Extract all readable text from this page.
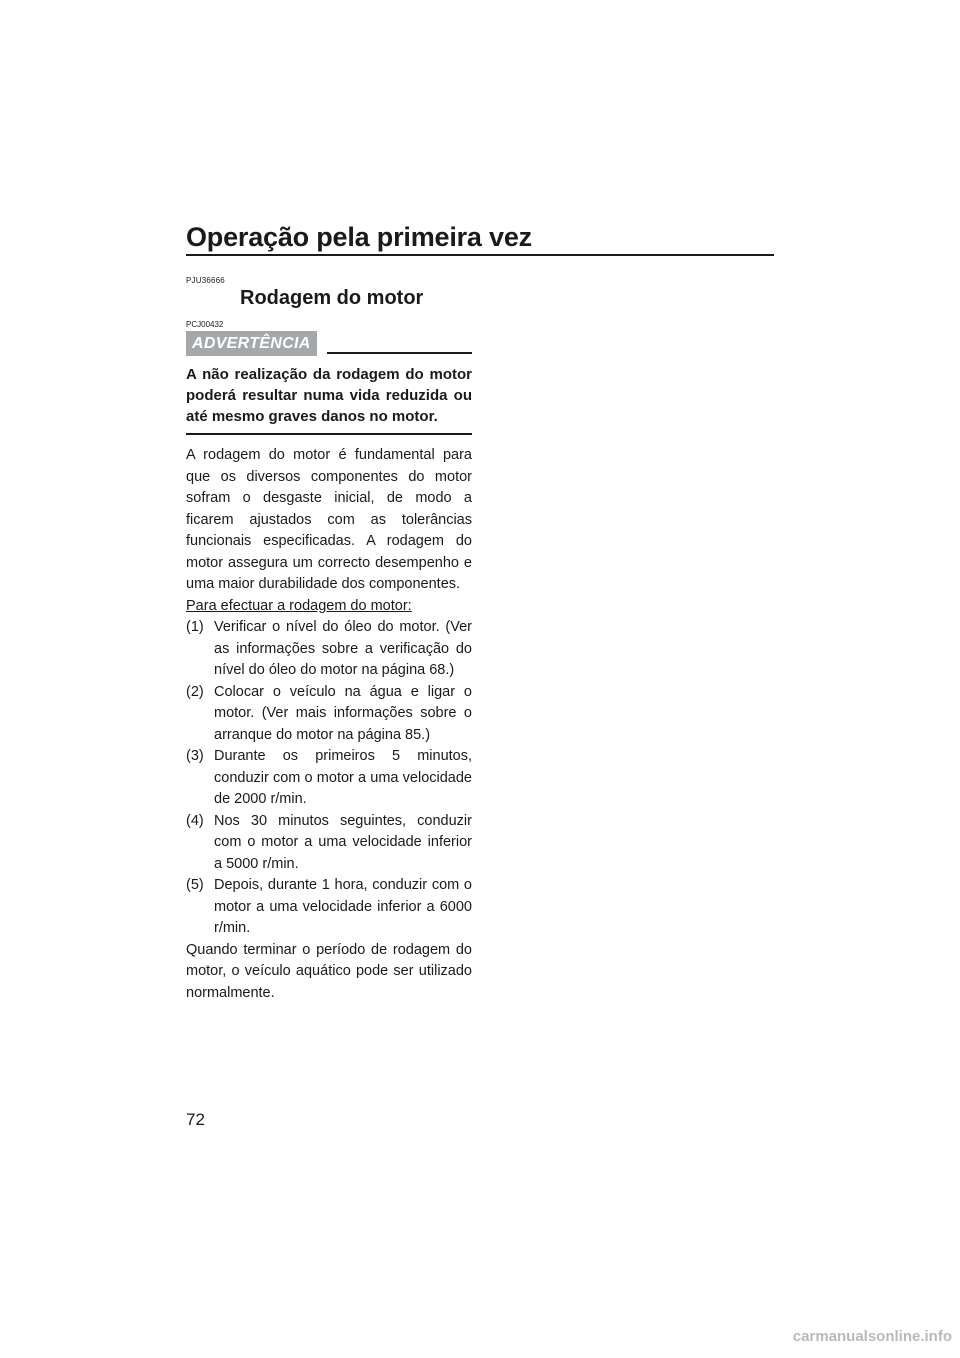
Operação pela primeira vez
PJU36666
Rodagem do motor
PCJ00432
ADVERTÊNCIA
A não realização da rodagem do motor poderá resultar numa vida reduzida ou até mesmo graves danos no motor.
A rodagem do motor é fundamental para que os diversos componentes do motor sofram o desgaste inicial, de modo a ficarem ajustados com as tolerâncias funcionais especificadas. A rodagem do motor assegura um correcto desempenho e uma maior durabilidade dos componentes.
Para efectuar a rodagem do motor:
(1) Verificar o nível do óleo do motor. (Ver as informações sobre a verificação do nível do óleo do motor na página 68.)
(2) Colocar o veículo na água e ligar o motor. (Ver mais informações sobre o arranque do motor na página 85.)
(3) Durante os primeiros 5 minutos, conduzir com o motor a uma velocidade de 2000 r/min.
(4) Nos 30 minutos seguintes, conduzir com o motor a uma velocidade inferior a 5000 r/min.
(5) Depois, durante 1 hora, conduzir com o motor a uma velocidade inferior a 6000 r/min.
Quando terminar o período de rodagem do motor, o veículo aquático pode ser utilizado normalmente.
72
carmanualsonline.info
